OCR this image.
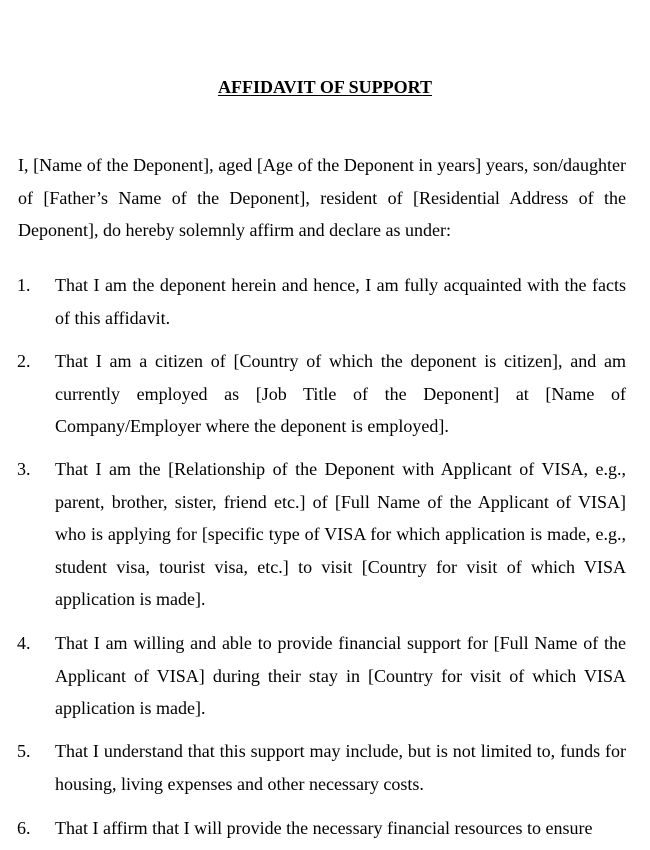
AFFIDAVIT OF SUPPORT
I, [Name of the Deponent], aged [Age of the Deponent in years] years, son/daughter of [Father’s Name of the Deponent], resident of [Residential Address of the Deponent], do hereby solemnly affirm and declare as under:
1. That I am the deponent herein and hence, I am fully acquainted with the facts of this affidavit.
2. That I am a citizen of [Country of which the deponent is citizen], and am currently employed as [Job Title of the Deponent] at [Name of Company/Employer where the deponent is employed].
3. That I am the [Relationship of the Deponent with Applicant of VISA, e.g., parent, brother, sister, friend etc.] of [Full Name of the Applicant of VISA] who is applying for [specific type of VISA for which application is made, e.g., student visa, tourist visa, etc.] to visit [Country for visit of which VISA application is made].
4. That I am willing and able to provide financial support for [Full Name of the Applicant of VISA] during their stay in [Country for visit of which VISA application is made].
5. That I understand that this support may include, but is not limited to, funds for housing, living expenses and other necessary costs.
6. That I affirm that I will provide the necessary financial resources to ensure
